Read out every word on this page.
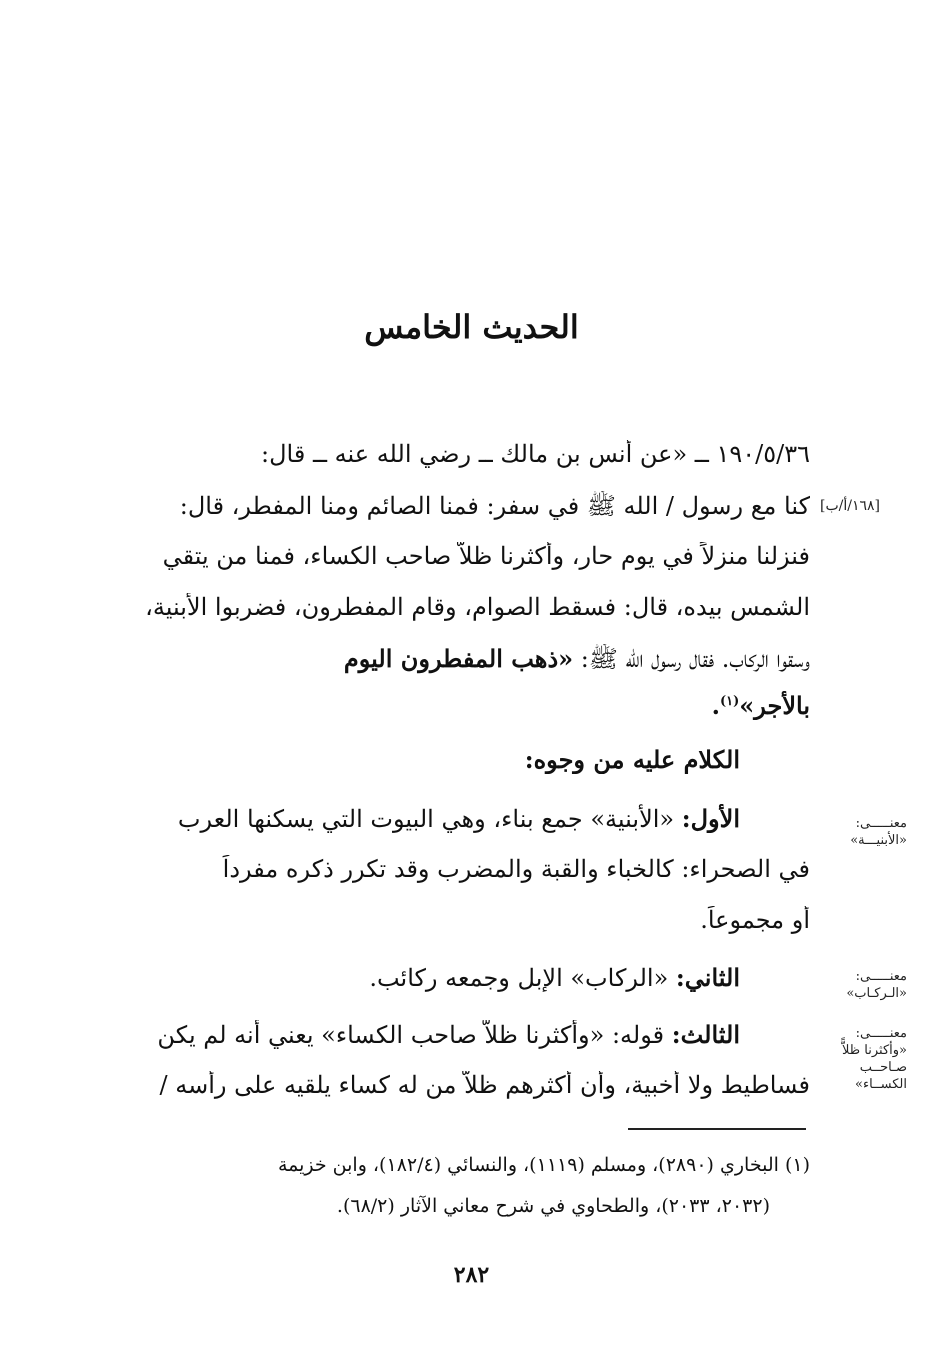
الحديث الخامس
١٩٠/٥/٣٦ ــ «عن أنس بن مالك ــ رضي الله عنه ــ قال:
كنا مع رسول / الله ﷺ في سفر: فمنا الصائم ومنا المفطر، قال:
فنزلنا منزلاً في يوم حار، وأكثرنا ظلاًّ صاحب الكساء، فمنا من يتقي
الشمس بيده، قال: فسقط الصوام، وقام المفطرون، فضربوا الأبنية،
وسقوا الركاب. فقال رسول الله ﷺ: «ذهب المفطرون اليوم
بالأجر»$^{(١)}$.
[١٦٨/أ/ب]
معنـــــى:
«الأبنيـــة»
معنـــــى:
«الـركـاب»
معنـــــى:
«وأكثرنا ظلاًّ
صـاحــب
الكســاء»
الكلام عليه من وجوه:
الأول: «الأبنية» جمع بناء، وهي البيوت التي يسكنها العرب
في الصحراء: كالخباء والقبة والمضرب وقد تكرر ذكره مفرداً
أو مجموعاً.
الثاني: «الركاب» الإبل وجمعه ركائب.
الثالث: قوله: «وأكثرنا ظلاًّ صاحب الكساء» يعني أنه لم يكن
فساطيط ولا أخبية، وأن أكثرهم ظلاًّ من له كساء يلقيه على رأسه /
(١) البخاري (٢٨٩٠)، ومسلم (١١١٩)، والنسائي (١٨٢/٤)، وابن خزيمة
(٢٠٣٢، ٢٠٣٣)، والطحاوي في شرح معاني الآثار (٦٨/٢).
٢٨٢
